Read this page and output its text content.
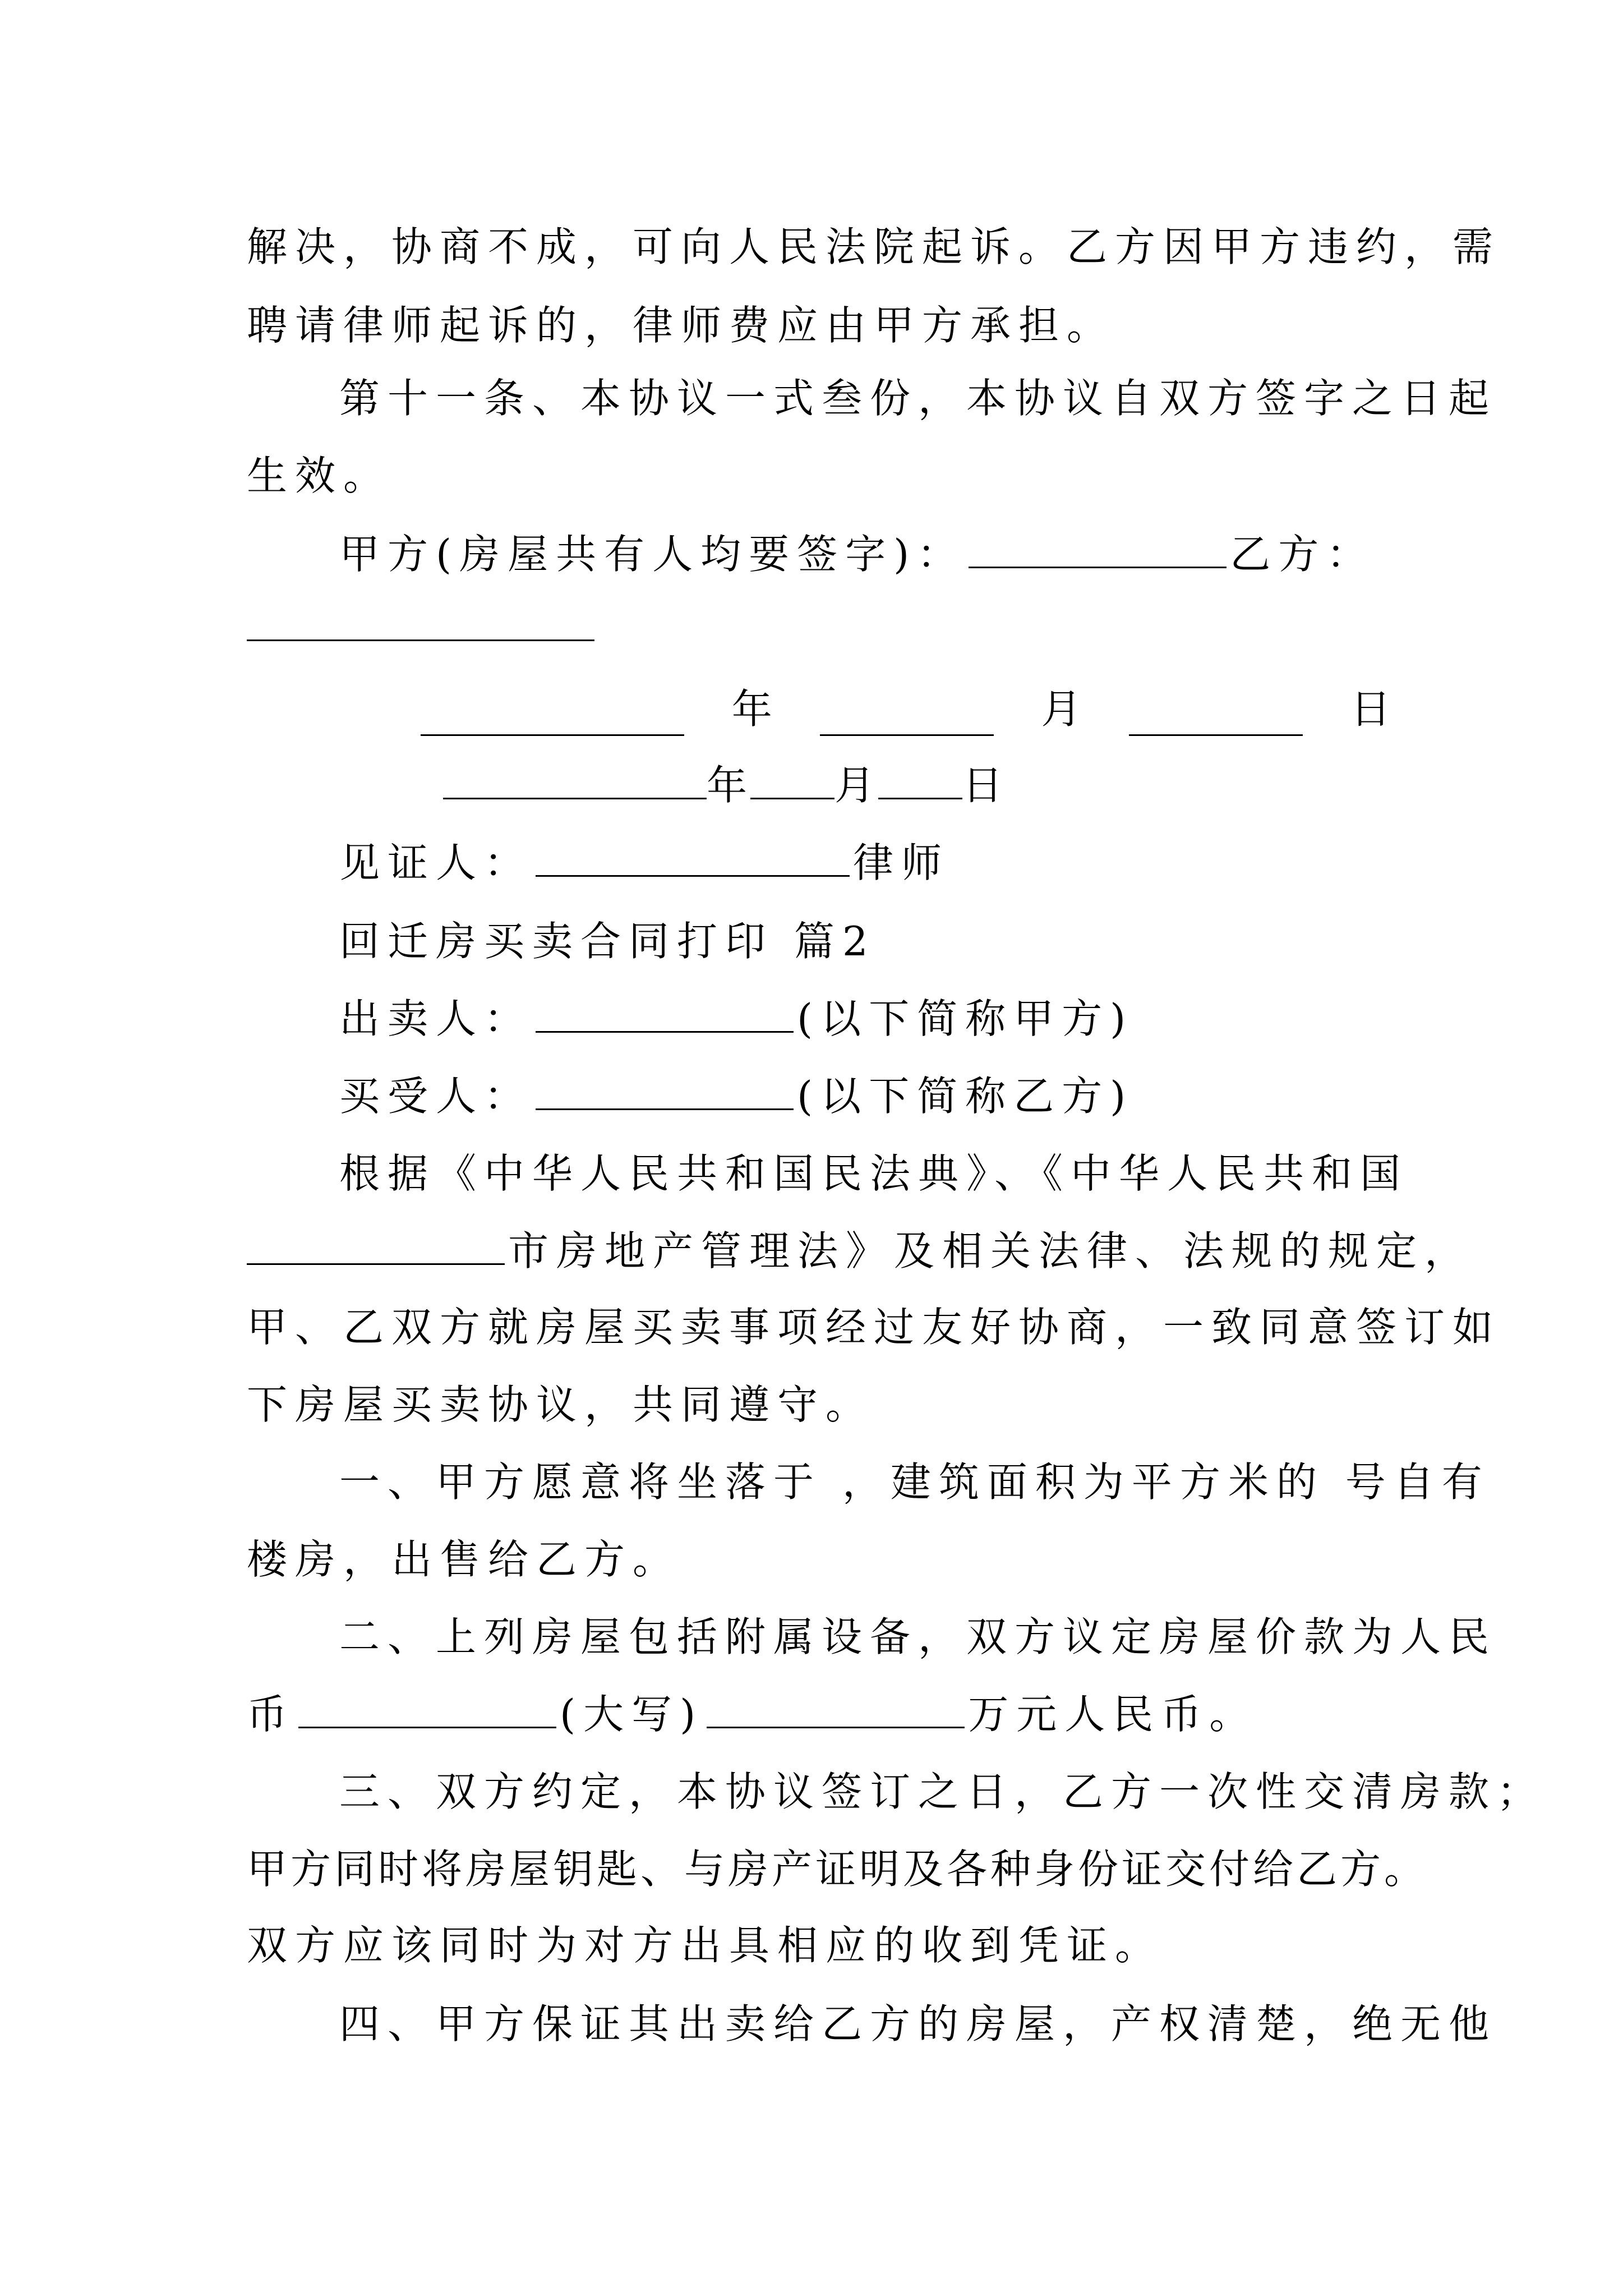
解决，协商不成，可向人民法院起诉。乙方因甲方违约，需
聘请律师起诉的，律师费应由甲方承担。
第十一条、本协议一式叁份，本协议自双方签字之日起
生效。
甲方(房屋共有人均要签字)：	乙方：
年	月	日
年 月 日
见证人：	律师
回迁房买卖合同打印 篇2
出卖人：	(以下简称甲方)
买受人：	(以下简称乙方)
根据《中华人民共和国民法典》、《中华人民共和国
市房地产管理法》及相关法律、法规的规定，
甲、乙双方就房屋买卖事项经过友好协商，一致同意签订如
下房屋买卖协议，共同遵守。
一、甲方愿意将坐落于 ，建筑面积为平方米的 号自有
楼房，出售给乙方。
二、上列房屋包括附属设备，双方议定房屋价款为人民
币	(大写)	万元人民币。
三、双方约定，本协议签订之日，乙方一次性交清房款；
甲方同时将房屋钥匙、与房产证明及各种身份证交付给乙方。
双方应该同时为对方出具相应的收到凭证。
四、甲方保证其出卖给乙方的房屋，产权清楚，绝无他
